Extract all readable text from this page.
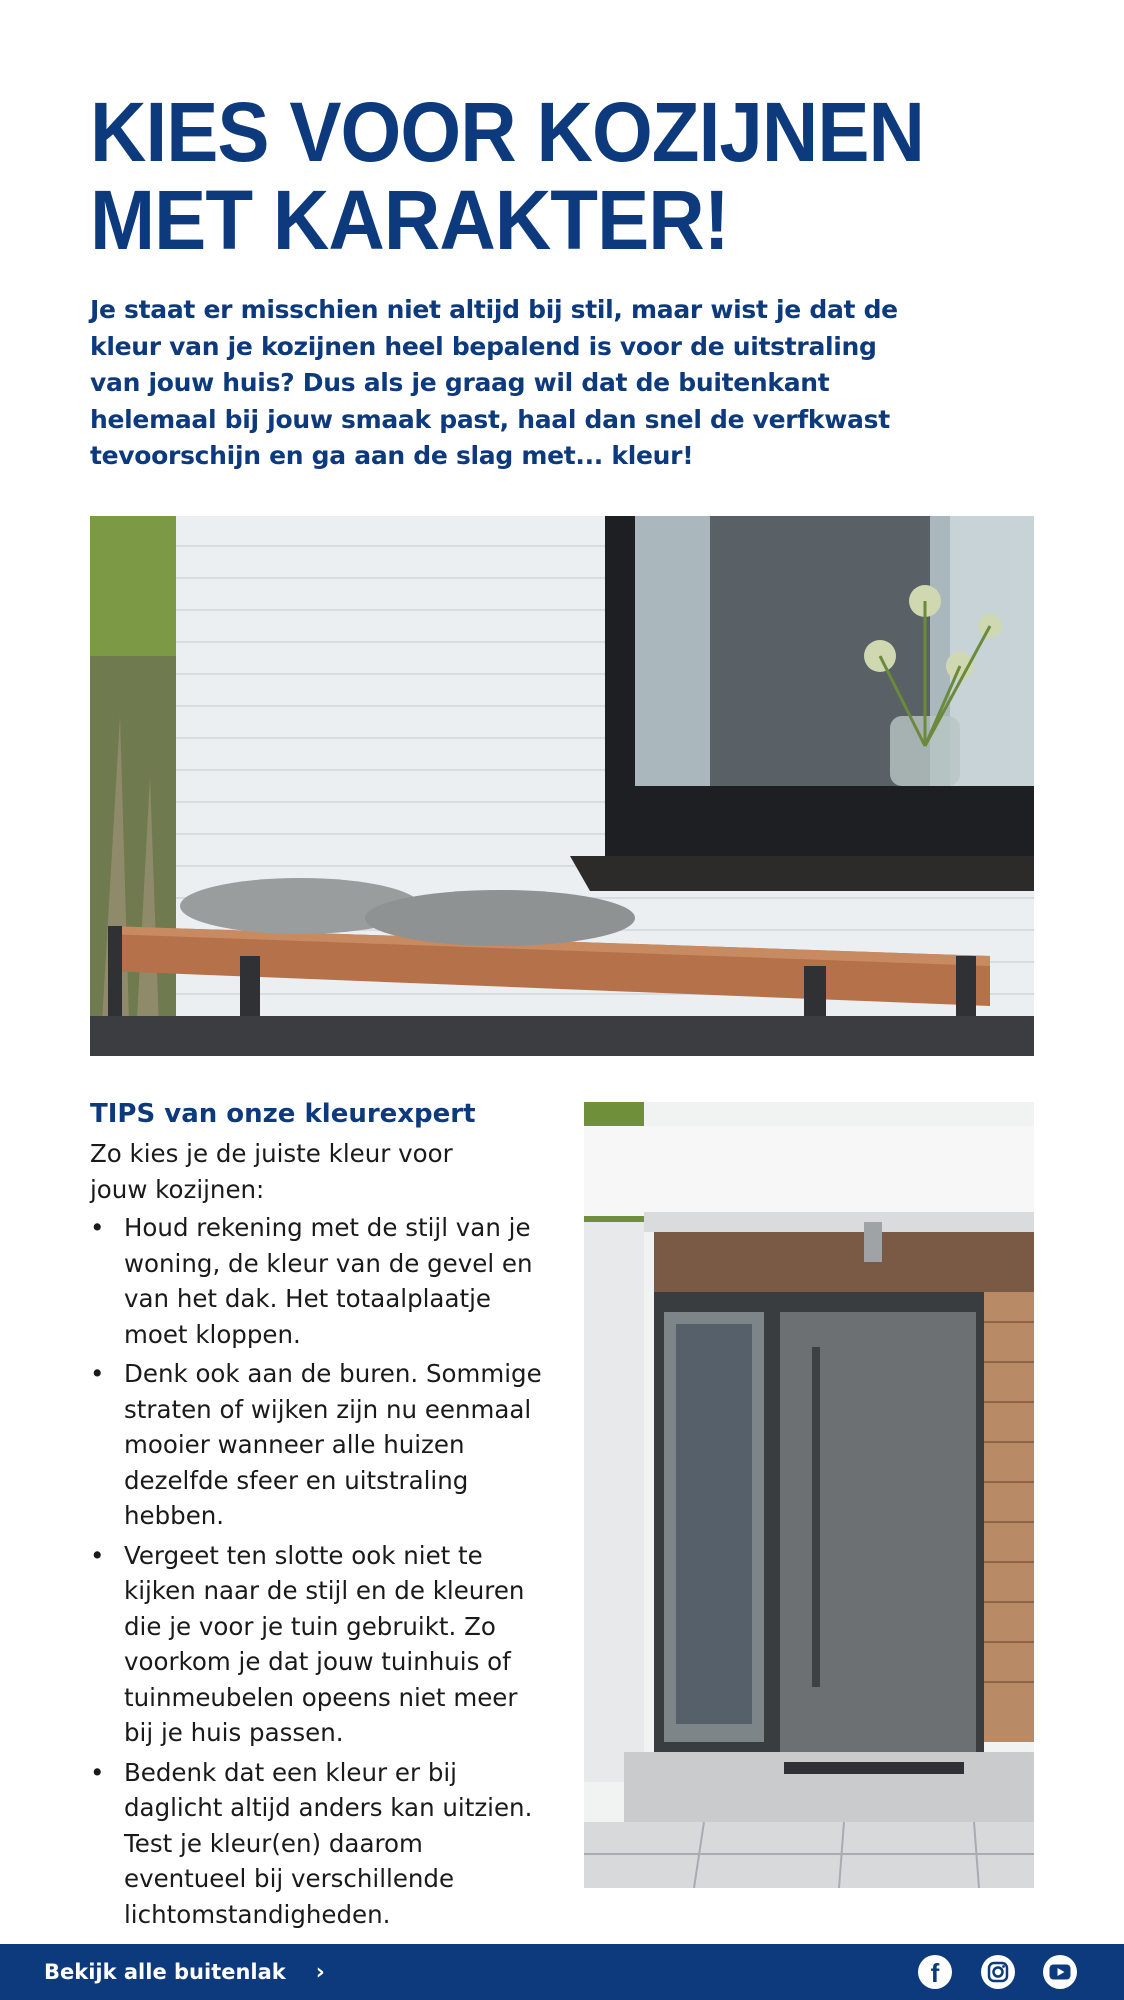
KIES VOOR KOZIJNEN
MET KARAKTER!

Je staat er misschien niet altijd bij stil, maar wist je dat de kleur van je kozijnen heel bepalend is voor de uitstraling van jouw huis? Dus als je graag wil dat de buitenkant helemaal bij jouw smaak past, haal dan snel de verfkwast tevoorschijn en ga aan de slag met... kleur!

TIPS van onze kleurexpert

Zo kies je de juiste kleur voor jouw kozijnen:

• Houd rekening met de stijl van je woning, de kleur van de gevel en van het dak. Het totaalplaatje moet kloppen.
• Denk ook aan de buren. Sommige straten of wijken zijn nu eenmaal mooier wanneer alle huizen dezelfde sfeer en uitstraling hebben.
• Vergeet ten slotte ook niet te kijken naar de stijl en de kleuren die je voor je tuin gebruikt. Zo voorkom je dat jouw tuinhuis of tuinmeubelen opeens niet meer bij je huis passen.
• Bedenk dat een kleur er bij daglicht altijd anders kan uitzien. Test je kleur(en) daarom eventueel bij verschillende lichtomstandigheden.
Bekijk alle buitenlak ›	f
